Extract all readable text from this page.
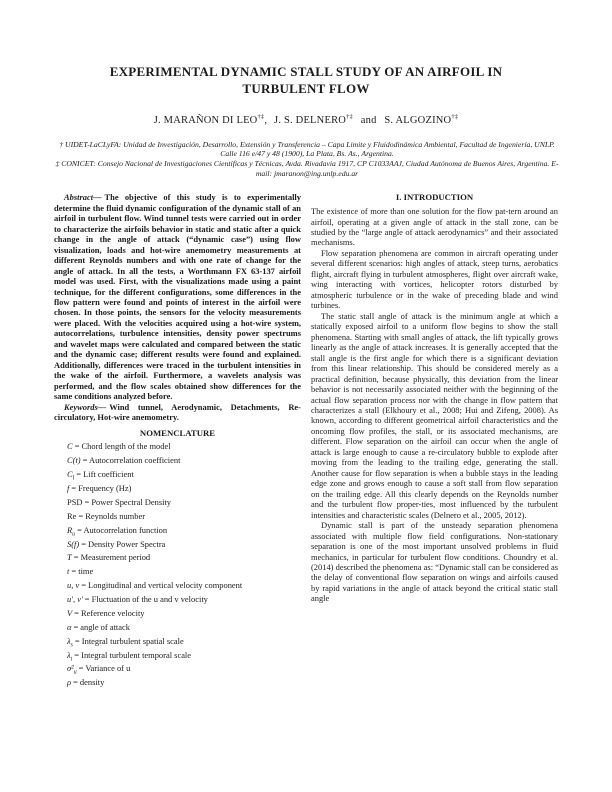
EXPERIMENTAL DYNAMIC STALL STUDY OF AN AIRFOIL IN TURBULENT FLOW
J. MARAÑON DI LEO†‡, J. S. DELNERO†‡ and S. ALGOZINO†‡
† UIDET-LaCLyFA: Unidad de Investigación, Desarrollo, Extensión y Transferencia – Capa Limite y Fluidodinámica Ambiental, Facultad de Ingeniería, UNLP. Calle 116 e/47 y 48 (1900), La Plata, Bs. As., Argentina.
‡ CONICET: Consejo Nacional de Investigaciones Científicas y Técnicas, Avda. Rivadavia 1917, CP C1033AAJ, Ciudad Autónoma de Buenos Aires, Argentina. E-mail: jmaranon@ing.unlp.edu.ar

Abstract— The objective of this study is to experimentally determine the fluid dynamic configuration of the dynamic stall of an airfoil in turbulent flow. Wind tunnel tests were carried out in order to characterize the airfoils behavior in static and static after a quick change in the angle of attack (“dynamic case”) using flow visualization, loads and hot-wire anemometry measurements at different Reynolds numbers and with one rate of change for the angle of attack. In all the tests, a Worthmann FX 63-137 airfoil model was used. First, with the visualizations made using a paint technique, for the different configurations, some differences in the flow pattern were found and points of interest in the airfoil were chosen. In those points, the sensors for the velocity measurements were placed. With the velocities acquired using a hot-wire system, autocorrelations, turbulence intensities, density power spectrums and wavelet maps were calculated and compared between the static and the dynamic case; different results were found and explained. Additionally, differences were traced in the turbulent intensities in the wake of the airfoil. Furthermore, a wavelets analysis was performed, and the flow scales obtained show differences for the same conditions analyzed before.

Keywords— Wind tunnel, Aerodynamic, Detachments, Re-circulatory, Hot-wire anemometry.

NOMENCLATURE
C = Chord length of the model
C(t) = Autocorrelation coefficient
$C_l$ = Lift coefficient
f = Frequency (Hz)
PSD = Power Spectral Density
Re = Reynolds number
$R_u$ = Autocorrelation function
S(f) = Density Power Spectra
T = Measurement period
t = time
u, v = Longitudinal and vertical velocity component
u', v' = Fluctuation of the u and v velocity
V = Reference velocity
α = angle of attack
$\lambda_s$ = Integral turbulent spatial scale
$\lambda_t$ = Integral turbulent temporal scale
$\sigma^2_u$ = Variance of u
ρ = density
I. INTRODUCTION

The existence of more than one solution for the flow pat-tern around an airfoil, operating at a given angle of attack in the stall zone, can be studied by the “large angle of attack aerodynamics” and their associated mechanisms.

Flow separation phenomena are common in aircraft operating under several different scenarios: high angles of attack, steep turns, aerobatics flight, aircraft flying in turbulent atmospheres, flight over aircraft wake, wing interacting with vortices, helicopter rotors disturbed by atmospheric turbulence or in the wake of preceding blade and wind turbines.

The static stall angle of attack is the minimum angle at which a statically exposed airfoil to a uniform flow begins to show the stall phenomena. Starting with small angles of attack, the lift typically grows linearly as the angle of attack increases. It is generally accepted that the stall angle is the first angle for which there is a significant deviation from this linear relationship. This should be considered merely as a practical definition, because physically, this deviation from the linear behavior is not necessarily associated neither with the beginning of the actual flow separation process nor with the change in flow pattern that characterizes a stall (Elkhoury et al., 2008; Hui and Zifeng, 2008). As known, according to different geometrical airfoil characteristics and the oncoming flow profiles, the stall, or its associated mechanisms, are different. Flow separation on the airfoil can occur when the angle of attack is large enough to cause a re-circulatory bubble to explode after moving from the leading to the trailing edge, generating the stall. Another cause for flow separation is when a bubble stays in the leading edge zone and grows enough to cause a soft stall from flow separation on the trailing edge. All this clearly depends on the Reynolds number and the turbulent flow proper-ties, most influenced by the turbulent intensities and characteristic scales (Delnero et al., 2005, 2012).

Dynamic stall is part of the unsteady separation phenomena associated with multiple flow field configurations. Non-stationary separation is one of the most important unsolved problems in fluid mechanics, in particular for turbulent flow conditions. Choundry et al. (2014) described the phenomena as: “Dynamic stall can be considered as the delay of conventional flow separation on wings and airfoils caused by rapid variations in the angle of attack beyond the critical static stall angle
